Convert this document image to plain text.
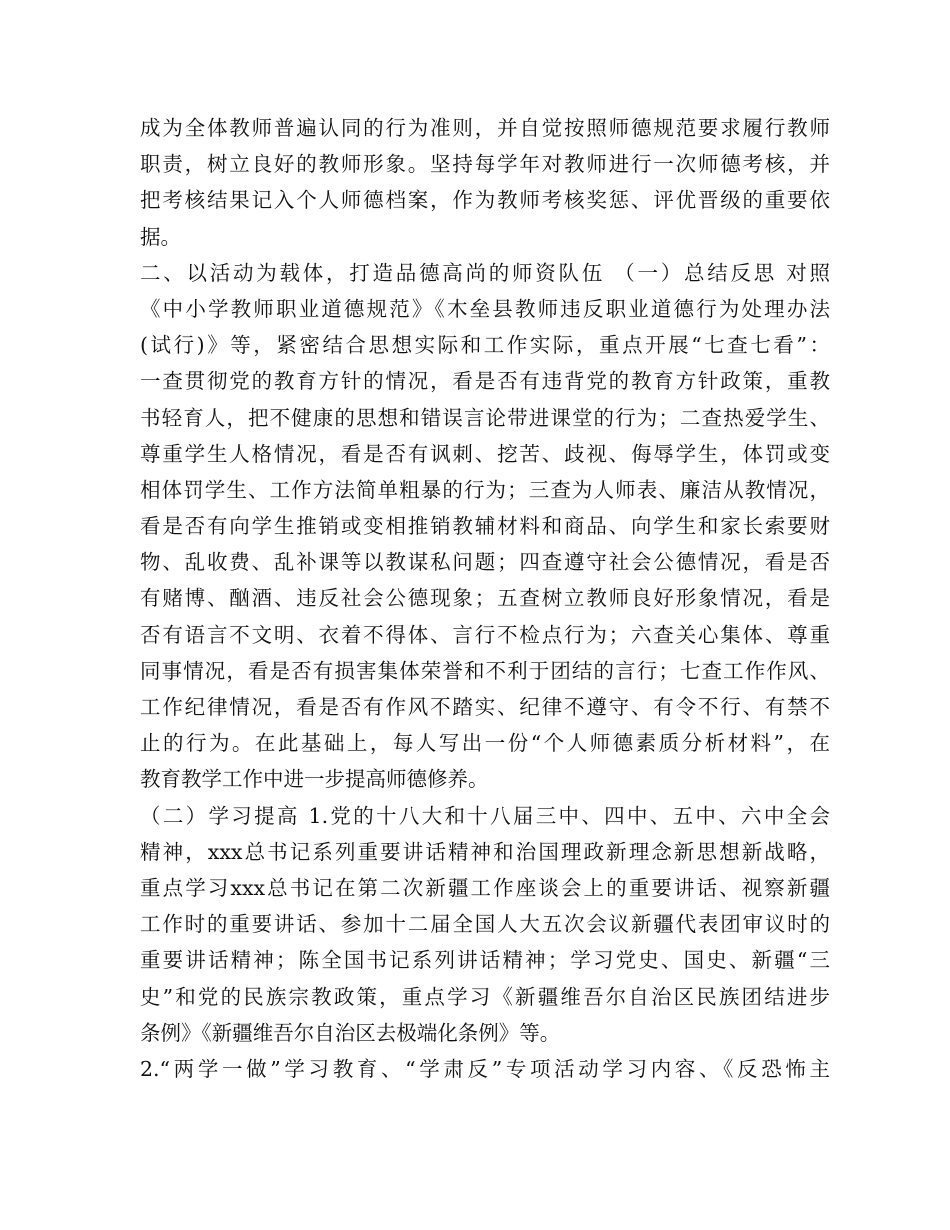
成为全体教师普遍认同的行为准则，并自觉按照师德规范要求履行教师
职责，树立良好的教师形象。坚持每学年对教师进行一次师德考核，并
把考核结果记入个人师德档案，作为教师考核奖惩、评优晋级的重要依
据。
二、以活动为载体，打造品德高尚的师资队伍 （一）总结反思 对照
《中小学教师职业道德规范》《木垒县教师违反职业道德行为处理办法
(试行)》等，紧密结合思想实际和工作实际，重点开展“七查七看”：
一查贯彻党的教育方针的情况，看是否有违背党的教育方针政策，重教
书轻育人，把不健康的思想和错误言论带进课堂的行为；二查热爱学生、
尊重学生人格情况，看是否有讽刺、挖苦、歧视、侮辱学生，体罚或变
相体罚学生、工作方法简单粗暴的行为；三查为人师表、廉洁从教情况，
看是否有向学生推销或变相推销教辅材料和商品、向学生和家长索要财
物、乱收费、乱补课等以教谋私问题；四查遵守社会公德情况，看是否
有赌博、酗酒、违反社会公德现象；五查树立教师良好形象情况，看是
否有语言不文明、衣着不得体、言行不检点行为；六查关心集体、尊重
同事情况，看是否有损害集体荣誉和不利于团结的言行；七查工作作风、
工作纪律情况，看是否有作风不踏实、纪律不遵守、有令不行、有禁不
止的行为。在此基础上，每人写出一份“个人师德素质分析材料”，在
教育教学工作中进一步提高师德修养。
（二）学习提高 1.党的十八大和十八届三中、四中、五中、六中全会
精神，xxx总书记系列重要讲话精神和治国理政新理念新思想新战略，
重点学习xxx总书记在第二次新疆工作座谈会上的重要讲话、视察新疆
工作时的重要讲话、参加十二届全国人大五次会议新疆代表团审议时的
重要讲话精神；陈全国书记系列讲话精神；学习党史、国史、新疆“三
史”和党的民族宗教政策，重点学习《新疆维吾尔自治区民族团结进步
条例》《新疆维吾尔自治区去极端化条例》等。
2.“两学一做”学习教育、“学肃反”专项活动学习内容、《反恐怖主
